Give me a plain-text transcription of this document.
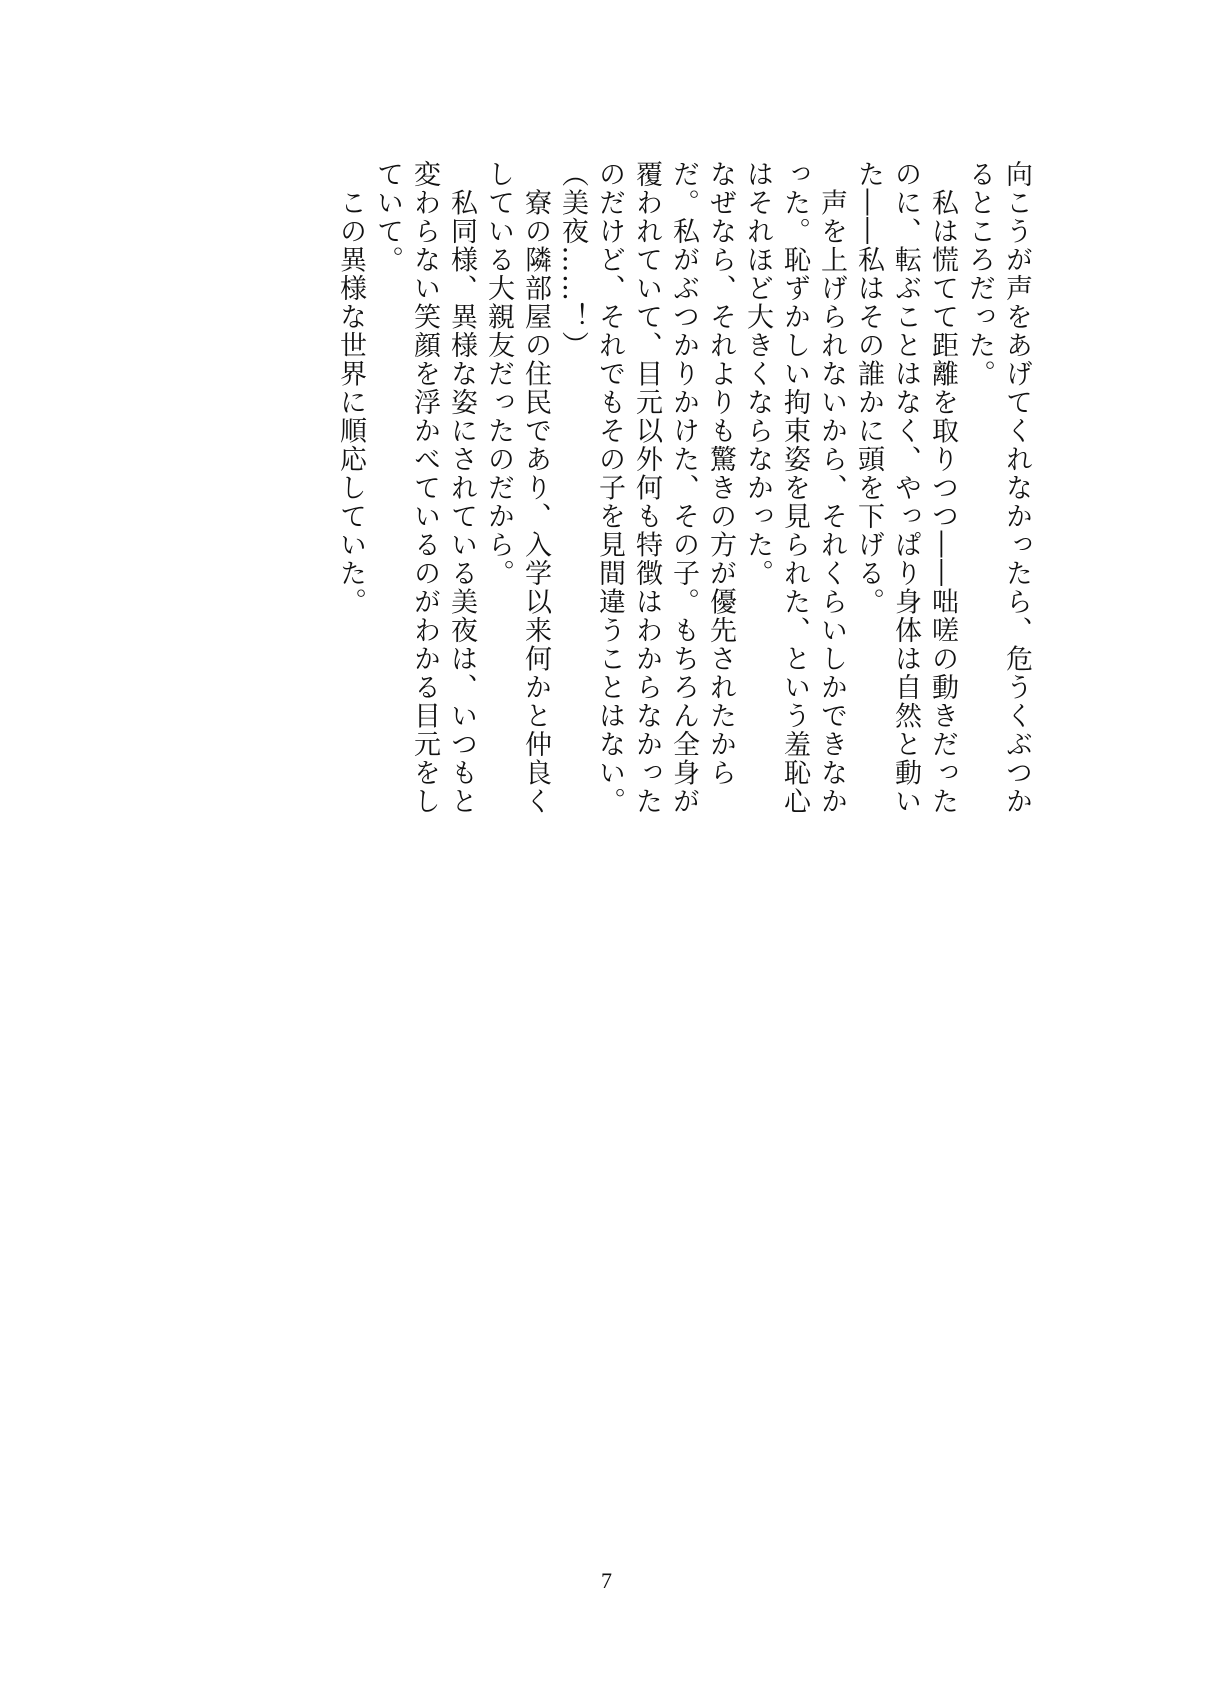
向こうが声をあげてくれなかったら、危うくぶつかるところだった。

　私は慌てて距離を取りつつ――咄嗟の動きだったのに、転ぶことはなく、やっぱり身体は自然と動いた――私はその誰かに頭を下げる。

　声を上げられないから、それくらいしかできなかった。恥ずかしい拘束姿を見られた、という羞恥心はそれほど大きくならなかった。

なぜなら、それよりも驚きの方が優先されたからだ。私がぶつかりかけた、その子。もちろん全身が覆われていて、目元以外何も特徴はわからなかったのだけど、それでもその子を見間違うことはない。

（美夜……！）

　寮の隣部屋の住民であり、入学以来何かと仲良くしている大親友だったのだから。

　私同様、異様な姿にされている美夜は、いつもと変わらない笑顔を浮かべているのがわかる目元をしていて。

　この異様な世界に順応していた。

7
